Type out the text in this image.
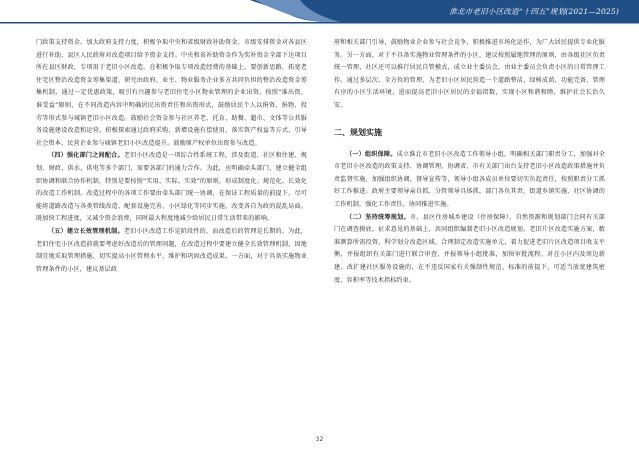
淮北市老旧小区改造“十四五”规划(2021—2025)

门政策支持资金。加大政府支持力度，积极争取中央和省级财政补助资金，市级安排资金对各县区进行补助，县区人民政府对改造项目给予资金支持。中央和省补助资金作为奖补资金全部下达项目所在县区财政，专项用于老旧小区改造。在积极争取专项改造经费的基础上，要创新思路，拓宽老住宅区整治改造资金筹集渠道，研究由政府、业主、物业服务企业多方共同负担的整治改造资金筹集机制，通过一定优惠政策，吸引有兴趣参与老旧住宅小区物业管理的企业出资。按照“谁出资、谁受益”原则，在不同改造内容中明确居民出资责任和出资形式，鼓励居民个人以捐资、捐物、投劳等形式参与城镇老旧小区改造。鼓励社会资金参与社区养老、托育、助餐、超市、文体等公共服务设施建设改造和运营。积极探索通过政府采购、新增设施有偿使用、落实资产权益等方式，引导社会资本、民营企业参与城镇老旧小区改造提升。鼓励原产权单位出资参与改造。

（四）强化部门之间配合。老旧小区改造是一项综合性系统工程，涉及街道、社区和住建、规划、财政、供水、供电等多个部门，需要各部门的通力合作。为此，应明确牵头部门，建立健全组织协调和联合协作机制，特别是要按照“实用、实际、实效”的原则，形成制度化、规范化、长效化的改造工作机制。改造过程中的各项工作要由牵头部门统一协调，在保证工程质量的前提下，尽可能将道路改造与各类管线改造、配套设施完善、小区绿化等同步实施，改变各自为政的混乱局面。既加快工程进度，又减少资金浪费，同时最大程度地减少给居民日常生活带来的影响。

（五）建立长效管理机制。老旧小区改造工作是阶段性的，而改造后的管理是长期的。为此，老旧住宅小区改造前就要考虑好改造后的管理问题，在改造过程中要建立健全长效管理机制，因地制宜地采取管理措施，切实提高小区管理水平，维护和巩固改造成果。一方面，对于具备实施物业管理条件的小区，建议基层政

府和相关部门引导，鼓励物业企业参与社会竞争，积极推进市场化运作，为广大居民提供专业化服务。另一方面，对于不具备实施物业管理条件的小区，建议按照属地管理的原则，由各级社区负责统一管理，社区还可以推行居民自管模式，成立业主委员会，由业主委员会负责小区的日常管理工作。通过多层次、全方位的管理，为老旧小区居民营造一个道路整洁、绿树成荫、功能完备、管理有序的小区生活环境，进而提高老旧小区居民的幸福指数，实现小区和谐和睦，维护社会长治久安。

二、规划实施

（一）组织保障。成立淮北市老旧小区改造工作领导小组，明确相关部门职责分工，加强对全市老旧小区改造的政策支持、协调管理。协调省、市有关部门出台支持老旧小区改造政策措施并负责监督实施，加强组织协调、督导宣传等，领导小组各成员单位要切实负起责任，按照职责分工抓好工作推进。政府主要领导亲自抓、分管领导具体抓，部门各负其责，街道乡镇实施、社区协调的工作机制，强化工作责任，协同推进实施。

（二）坚持统筹规划。市、县区住房城乡建设（住房保障）、自然资源和规划部门会同有关部门在调查摸底、征求意见的基础上，共同组织编制老旧小区改造规划、老旧片区改造实施方案，精准测算所需投资，科学划分改造区域，合理制定改造实施单元，着力促进老旧片区改造项目收支平衡，并报组织有关部门进行联合审查，并报领导小组批准，加快审批流程。对在小区内及周边新建、改扩建社区服务设施的，在不违反国家有关强制性规范、标准的前提下，可适当放宽建筑密度、容积率等技术指标约束。

32
